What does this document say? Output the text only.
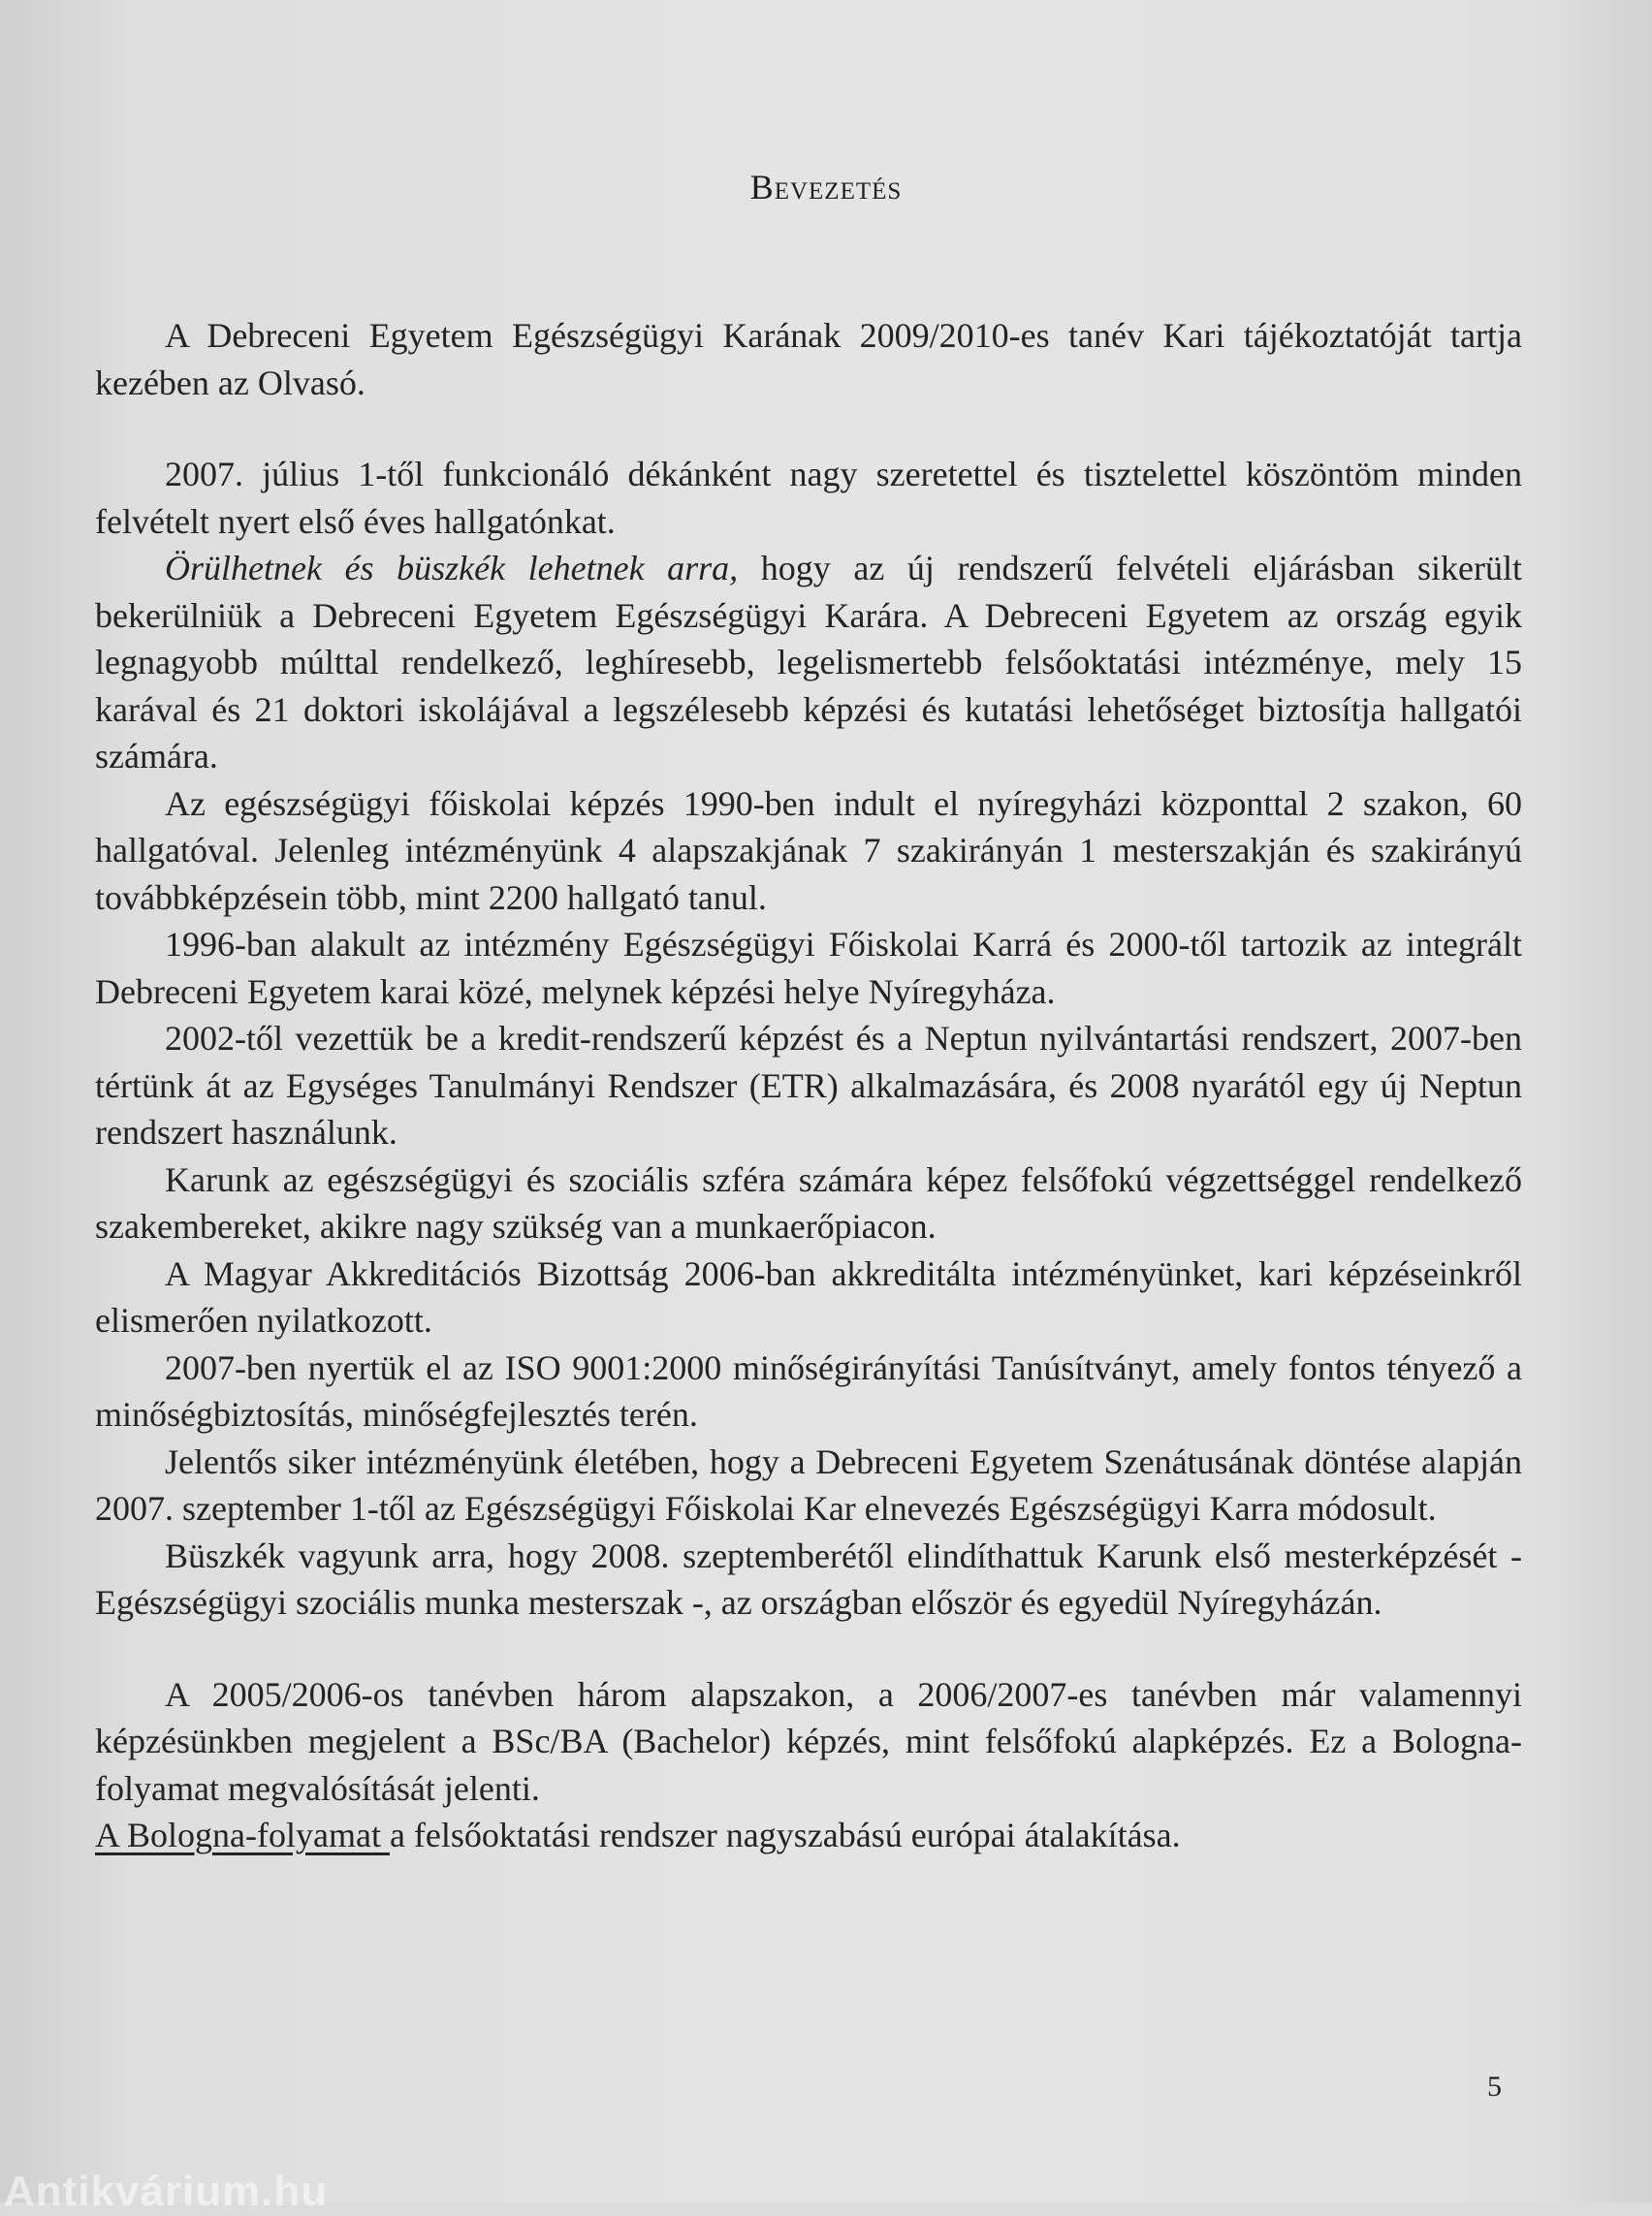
Bevezetés

A Debreceni Egyetem Egészségügyi Karának 2009/2010-es tanév Kari tájékoztatóját tartja kezében az Olvasó.

2007. július 1-től funkcionáló dékánként nagy szeretettel és tisztelettel köszöntöm minden felvételt nyert első éves hallgatónkat.

Örülhetnek és büszkék lehetnek arra, hogy az új rendszerű felvételi eljárásban sikerült bekerülniük a Debreceni Egyetem Egészségügyi Karára. A Debreceni Egyetem az ország egyik legnagyobb múlttal rendelkező, leghíresebb, legelismertebb felsőoktatási intézménye, mely 15 karával és 21 doktori iskolájával a legszélesebb képzési és kutatási lehetőséget biztosítja hallgatói számára.

Az egészségügyi főiskolai képzés 1990-ben indult el nyíregyházi központtal 2 szakon, 60 hallgatóval. Jelenleg intézményünk 4 alapszakjának 7 szakirányán 1 mesterszakján és szakirányú továbbképzésein több, mint 2200 hallgató tanul.

1996-ban alakult az intézmény Egészségügyi Főiskolai Karrá és 2000-től tartozik az integrált Debreceni Egyetem karai közé, melynek képzési helye Nyíregyháza.

2002-től vezettük be a kredit-rendszerű képzést és a Neptun nyilvántartási rendszert, 2007-ben tértünk át az Egységes Tanulmányi Rendszer (ETR) alkalmazására, és 2008 nyarától egy új Neptun rendszert használunk.

Karunk az egészségügyi és szociális szféra számára képez felsőfokú végzettséggel rendelkező szakembereket, akikre nagy szükség van a munkaerőpiacon.

A Magyar Akkreditációs Bizottság 2006-ban akkreditálta intézményünket, kari képzéseinkről elismerően nyilatkozott.

2007-ben nyertük el az ISO 9001:2000 minőségirányítási Tanúsítványt, amely fontos tényező a minőségbiztosítás, minőségfejlesztés terén.

Jelentős siker intézményünk életében, hogy a Debreceni Egyetem Szenátusának döntése alapján 2007. szeptember 1-től az Egészségügyi Főiskolai Kar elnevezés Egészségügyi Karra módosult.

Büszkék vagyunk arra, hogy 2008. szeptemberétől elindíthattuk Karunk első mesterképzését - Egészségügyi szociális munka mesterszak -, az országban először és egyedül Nyíregyházán.

A 2005/2006-os tanévben három alapszakon, a 2006/2007-es tanévben már valamennyi képzésünkben megjelent a BSc/BA (Bachelor) képzés, mint felsőfokú alapképzés. Ez a Bologna-folyamat megvalósítását jelenti.

A Bologna-folyamat a felsőoktatási rendszer nagyszabású európai átalakítása.

5
Antikvárium.hu
